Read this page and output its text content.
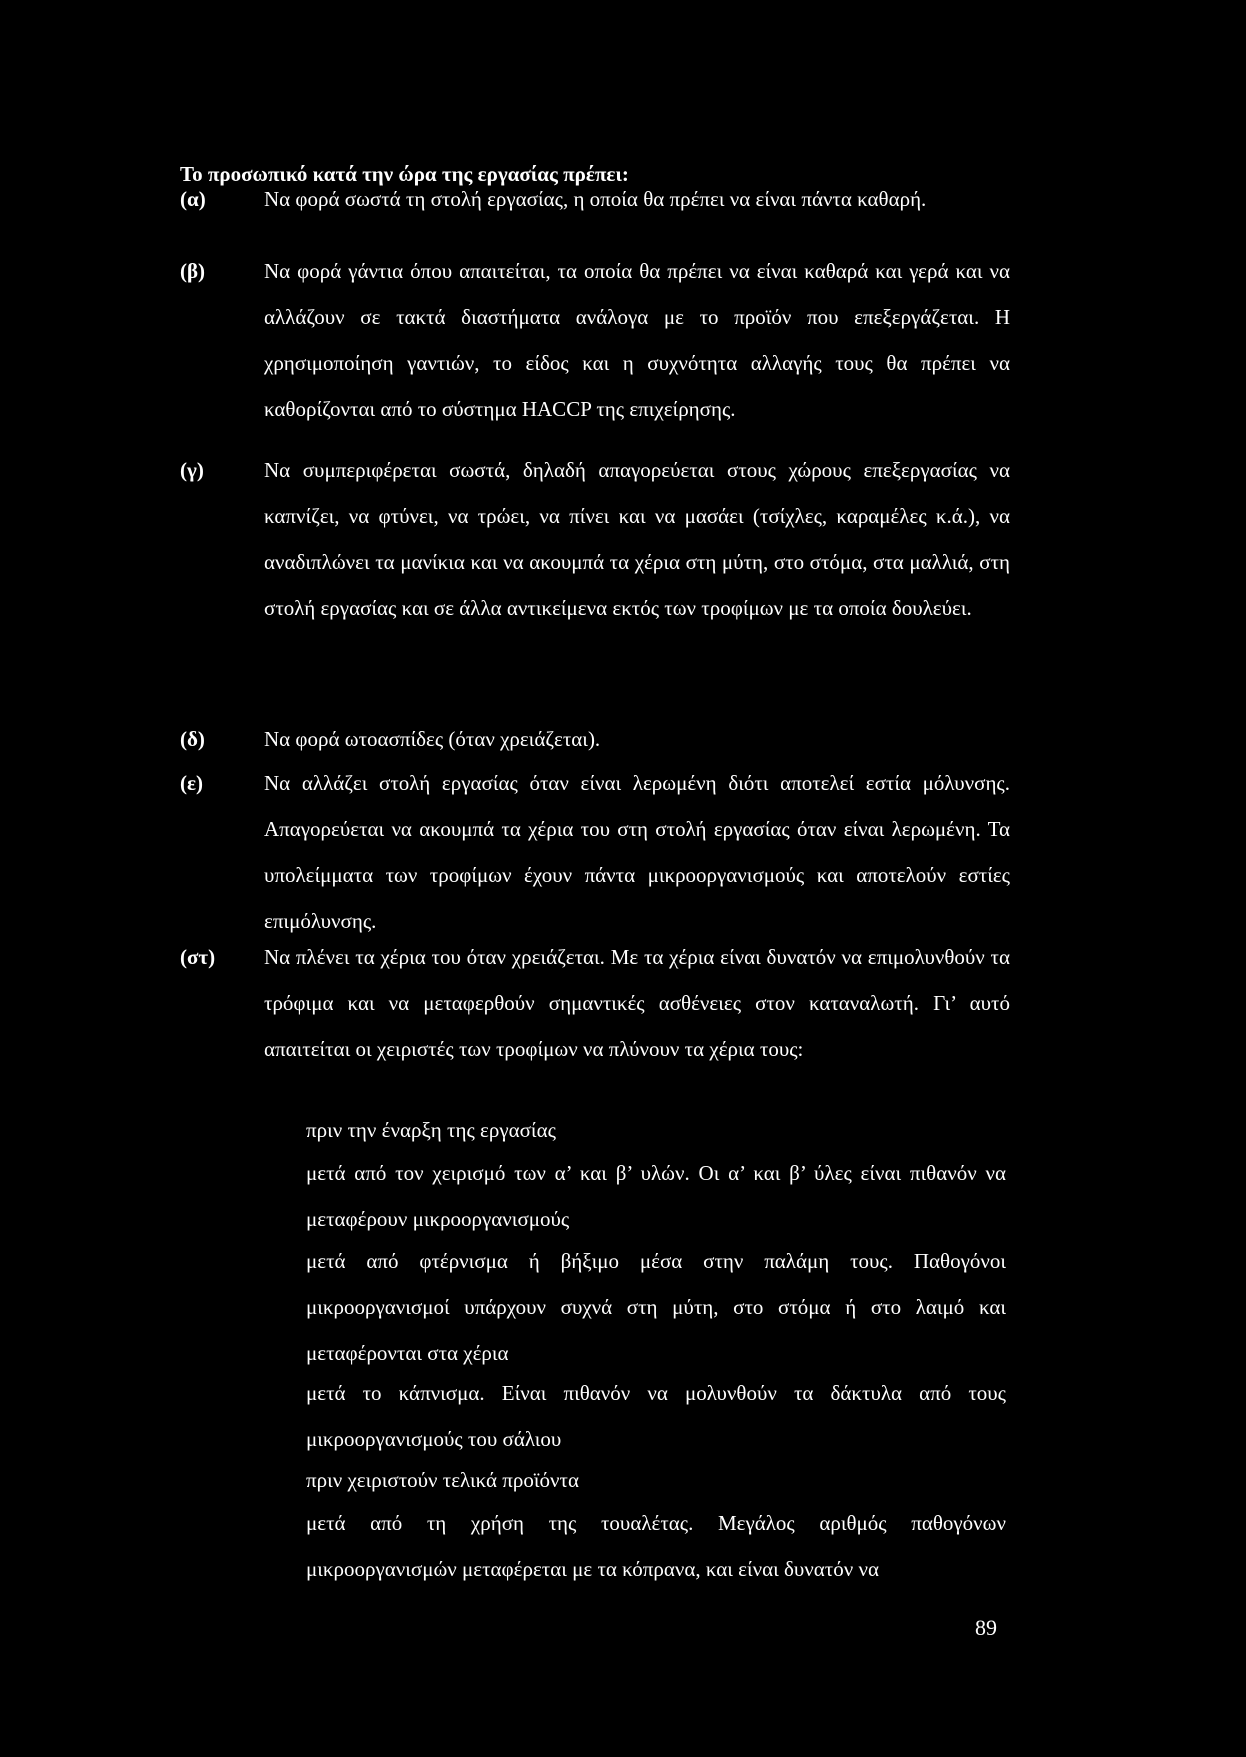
Το προσωπικό κατά την ώρα της εργασίας πρέπει:
(α)	Να φορά σωστά τη στολή εργασίας, η οποία θα πρέπει να είναι πάντα καθαρή.
(β)	Να φορά γάντια όπου απαιτείται, τα οποία θα πρέπει να είναι καθαρά και γερά και να αλλάζουν σε τακτά διαστήματα ανάλογα με το προϊόν που επεξεργάζεται. Η χρησιμοποίηση γαντιών, το είδος και η συχνότητα αλλαγής τους θα πρέπει να καθορίζονται από το σύστημα HACCP της επιχείρησης.
(γ)	Να συμπεριφέρεται σωστά, δηλαδή απαγορεύεται στους χώρους επεξεργασίας να καπνίζει, να φτύνει, να τρώει, να πίνει και να μασάει (τσίχλες, καραμέλες κ.ά.), να αναδιπλώνει τα μανίκια και να ακουμπά τα χέρια στη μύτη, στο στόμα, στα μαλλιά, στη στολή εργασίας και σε άλλα αντικείμενα εκτός των τροφίμων με τα οποία δουλεύει.
(δ)	Να φορά ωτοασπίδες (όταν χρειάζεται).
(ε)	Να αλλάζει στολή εργασίας όταν είναι λερωμένη διότι αποτελεί εστία μόλυνσης. Απαγορεύεται να ακουμπά τα χέρια του στη στολή εργασίας όταν είναι λερωμένη. Τα υπολείμματα των τροφίμων έχουν πάντα μικροοργανισμούς και αποτελούν εστίες επιμόλυνσης.
(στ) Να πλένει τα χέρια του όταν χρειάζεται. Με τα χέρια είναι δυνατόν να επιμολυνθούν τα τρόφιμα και να μεταφερθούν σημαντικές ασθένειες στον καταναλωτή. Γι’ αυτό απαιτείται οι χειριστές των τροφίμων να πλύνουν τα χέρια τους:
πριν την έναρξη της εργασίας
μετά από τον χειρισμό των α’ και β’ υλών. Οι α’ και β’ ύλες είναι πιθανόν να μεταφέρουν μικροοργανισμούς
μετά από φτέρνισμα ή βήξιμο μέσα στην παλάμη τους. Παθογόνοι μικροοργανισμοί υπάρχουν συχνά στη μύτη, στο στόμα ή στο λαιμό και μεταφέρονται στα χέρια
μετά το κάπνισμα. Είναι πιθανόν να μολυνθούν τα δάκτυλα από τους μικροοργανισμούς του σάλιου
πριν χειριστούν τελικά προϊόντα
μετά από τη χρήση της τουαλέτας. Μεγάλος αριθμός παθογόνων μικροοργανισμών μεταφέρεται με τα κόπρανα, και είναι δυνατόν να
89
